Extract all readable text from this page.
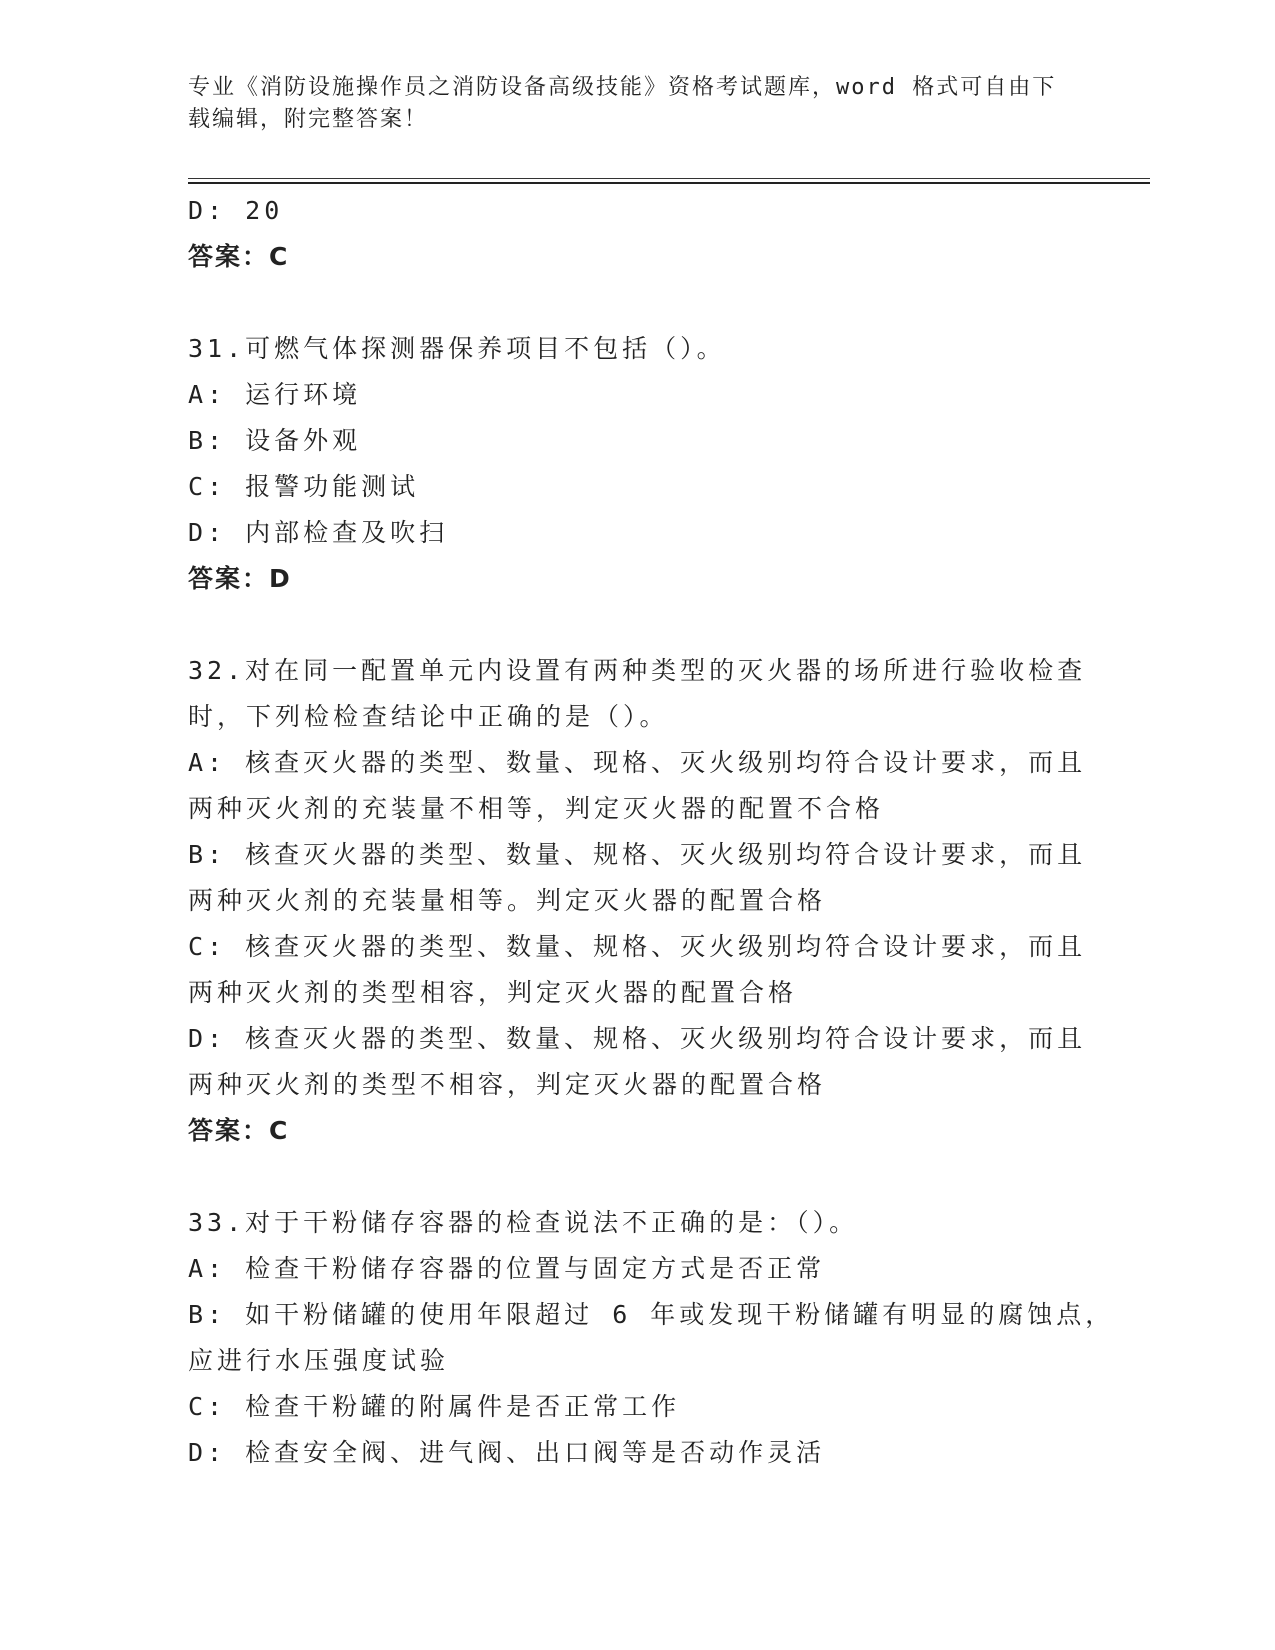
专业《消防设施操作员之消防设备高级技能》资格考试题库，word 格式可自由下
载编辑，附完整答案！
D: 20
答案：C
31.可燃气体探测器保养项目不包括（）。
A: 运行环境
B: 设备外观
C: 报警功能测试
D: 内部检查及吹扫
答案：D
32.对在同一配置单元内设置有两种类型的灭火器的场所进行验收检查
时，下列检检查结论中正确的是（）。
A: 核查灭火器的类型、数量、现格、灭火级别均符合设计要求，而且
两种灭火剂的充装量不相等，判定灭火器的配置不合格
B: 核查灭火器的类型、数量、规格、灭火级别均符合设计要求，而且
两种灭火剂的充装量相等。判定灭火器的配置合格
C: 核查灭火器的类型、数量、规格、灭火级别均符合设计要求，而且
两种灭火剂的类型相容，判定灭火器的配置合格
D: 核查灭火器的类型、数量、规格、灭火级别均符合设计要求，而且
两种灭火剂的类型不相容，判定灭火器的配置合格
答案：C
33.对于干粉储存容器的检查说法不正确的是：（）。
A: 检查干粉储存容器的位置与固定方式是否正常
B: 如干粉储罐的使用年限超过 6 年或发现干粉储罐有明显的腐蚀点，
应进行水压强度试验
C: 检查干粉罐的附属件是否正常工作
D: 检查安全阀、进气阀、出口阀等是否动作灵活
